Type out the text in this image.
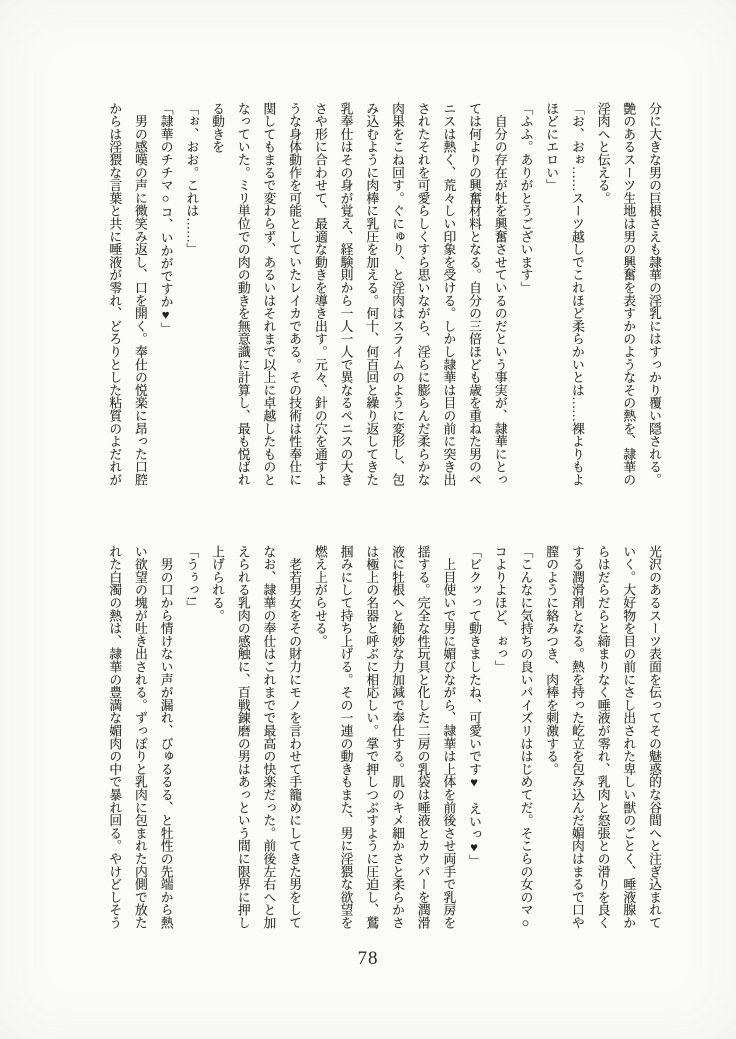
分に大きな男の巨根さえも隷華の淫乳にはすっかり覆い隠される。
艶のあるスーツ生地は男の興奮を表すかのようなその熱を、隷華の
淫肉へと伝える。
「お、おぉ……スーツ越しでこれほど柔らかいとは……裸よりもよ
ほどにエロい」
「ふふ。ありがとうございます」
　自分の存在が牡を興奮させているのだという事実が、隷華にとっ
ては何よりの興奮材料となる。自分の三倍ほども歳を重ねた男のペ
ニスは熱く、荒々しい印象を受ける。しかし隷華は目の前に突き出
されたそれを可愛らしくすら思いながら、淫らに膨らんだ柔らかな
肉果をこね回す。ぐにゅり、と淫肉はスライムのように変形し、包
み込むように肉棒に乳圧を加える。何十、何百回と繰り返してきた
乳奉仕はその身が覚え、経験則から一人一人で異なるペニスの大き
さや形に合わせて、最適な動きを導き出す。元々、針の穴を通すよ
うな身体動作を可能としていたレイカである。その技術は性奉仕に
関してもまるで変わらず、あるいはそれまで以上に卓越したものと
なっていた。ミリ単位での肉の動きを無意識に計算し、最も悦ばれ
る動きを
「ぉ、おお。これは……」
「隷華のチチマ○コ、いかがですか♥」
　男の感嘆の声に微笑み返し、口を開く。奉仕の悦楽に昂った口腔
からは淫猥な言葉と共に唾液が零れ、どろりとした粘質のよだれが
光沢のあるスーツ表面を伝ってその魅惑的な谷間へと注ぎ込まれて
いく。大好物を目の前にさし出された卑しい獣のごとく、唾液腺か
らはだらだらと締まりなく唾液が零れ、乳肉と怒張との滑りを良く
する潤滑剤となる。熱を持った屹立を包み込んだ媚肉はまるで口や
膣のように絡みつき、肉棒を刺激する。
「こんなに気持ちの良いパイズリははじめてだ。そこらの女のマ○
コよりよほど、ぉっ」
「ビクッって動きましたね、可愛いです♥　えいっ♥」
　上目使いで男に媚びながら、隷華は上体を前後させ両手で乳房を
揺する。完全な性玩具と化した二房の乳袋は唾液とカウパーを潤滑
液に牡根へと絶妙な力加減で奉仕する。肌のキメ細かさと柔らかさ
は極上の名器と呼ぶに相応しい。掌で押しつぶすように圧迫し、鷲
掴みにして持ち上げる。その一連の動きもまた、男に淫猥な欲望を
燃え上がらせる。
　老若男女をその財力にモノを言わせて手籠めにしてきた男をして
なお、隷華の奉仕はこれまでで最高の快楽だった。前後左右へと加
えられる乳肉の感触に、百戦錬磨の男はあっという間に限界に押し
上げられる。
「うぅっ!」
　男の口から情けない声が漏れ、びゅるるる、と牡性の先端から熱
い欲望の塊が吐き出される。ずっぽりと乳肉に包まれた内側で放た
れた白濁の熱は、隷華の豊満な媚肉の中で暴れ回る。やけどしそう
78
